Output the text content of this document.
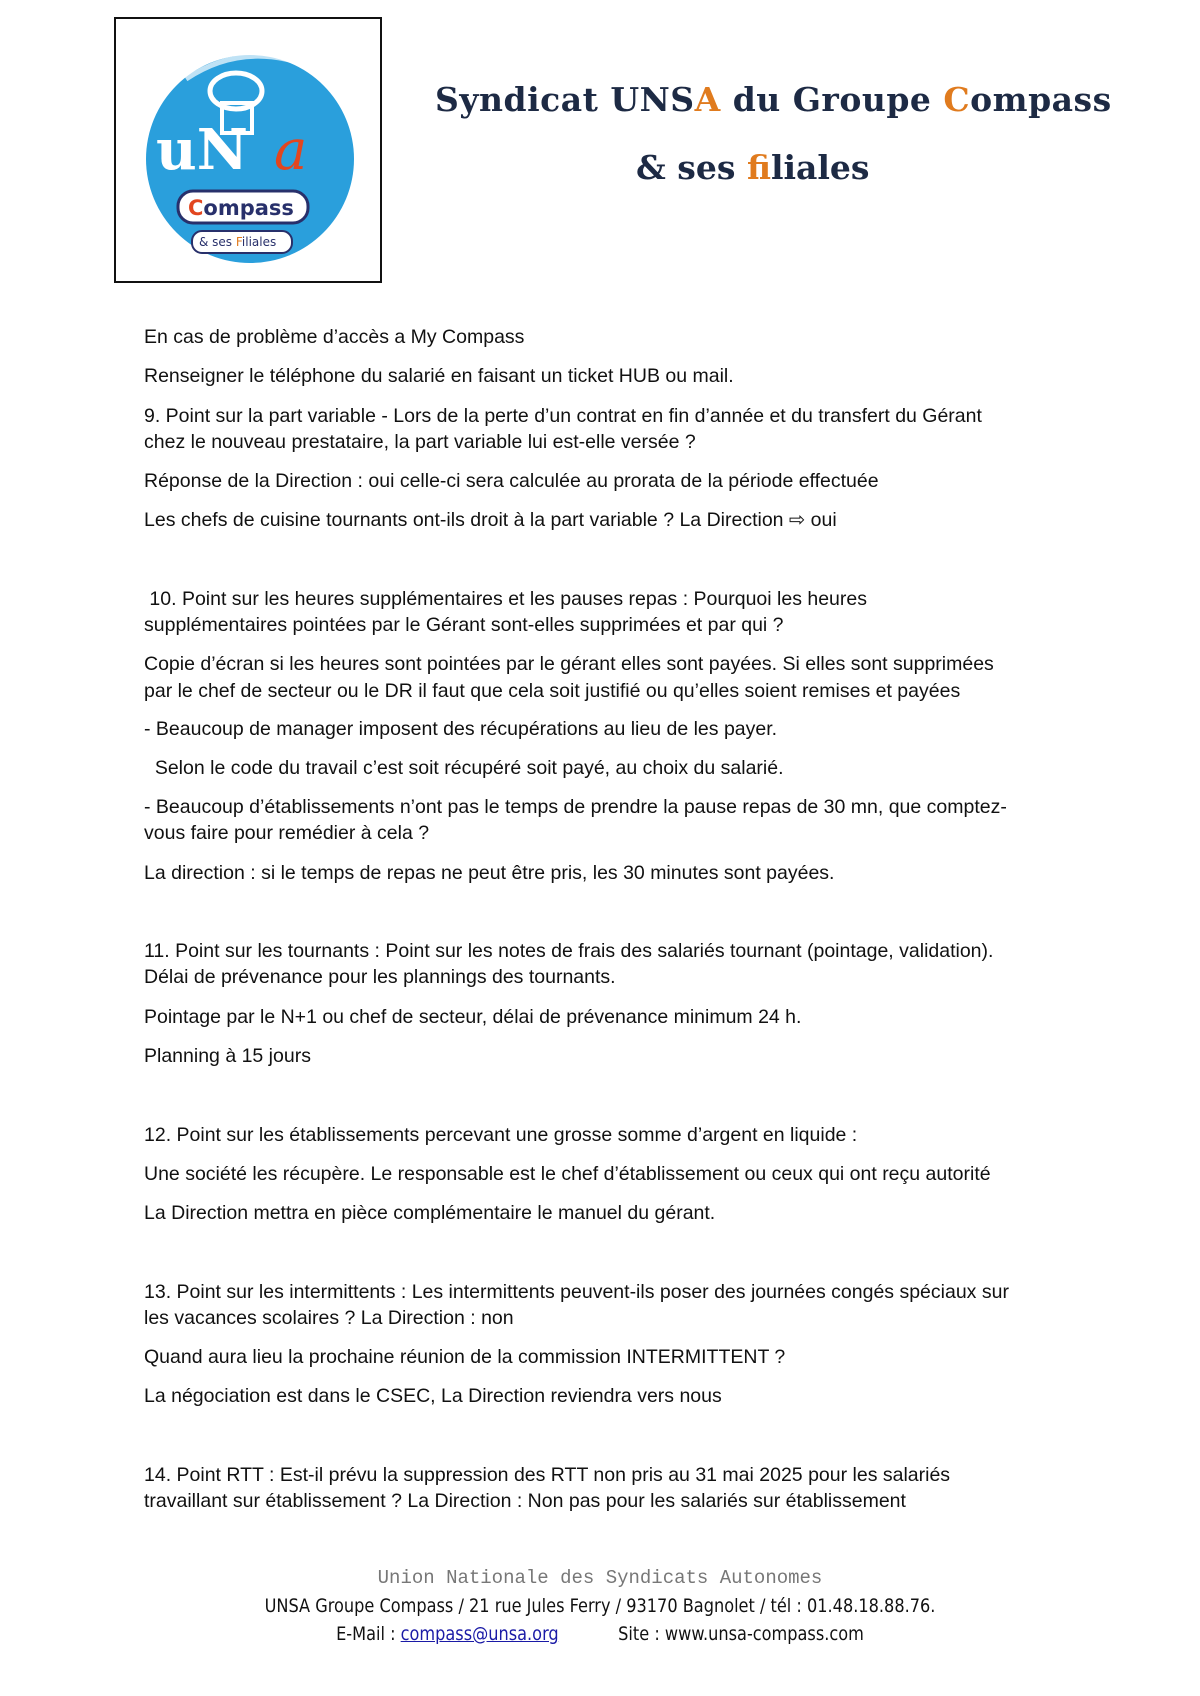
uN a
Compass
& ses Filiales
Syndicat UNSA du Groupe Compass
& ses filiales
En cas de problème d’accès a My Compass
Renseigner le téléphone du salarié en faisant un ticket HUB ou mail.
9. Point sur la part variable - Lors de la perte d’un contrat en fin d’année et du transfert du Gérant
chez le nouveau prestataire, la part variable lui est-elle versée ?
Réponse de la Direction : oui celle-ci sera calculée au prorata de la période effectuée
Les chefs de cuisine tournants ont-ils droit à la part variable ? La Direction ⇨ oui
10. Point sur les heures supplémentaires et les pauses repas : Pourquoi les heures
supplémentaires pointées par le Gérant sont-elles supprimées et par qui ?
Copie d’écran si les heures sont pointées par le gérant elles sont payées. Si elles sont supprimées
par le chef de secteur ou le DR il faut que cela soit justifié ou qu’elles soient remises et payées
- Beaucoup de manager imposent des récupérations au lieu de les payer.
Selon le code du travail c’est soit récupéré soit payé, au choix du salarié.
- Beaucoup d’établissements n’ont pas le temps de prendre la pause repas de 30 mn, que comptez-
vous faire pour remédier à cela ?
La direction : si le temps de repas ne peut être pris, les 30 minutes sont payées.
11. Point sur les tournants : Point sur les notes de frais des salariés tournant (pointage, validation).
Délai de prévenance pour les plannings des tournants.
Pointage par le N+1 ou chef de secteur, délai de prévenance minimum 24 h.
Planning à 15 jours
12. Point sur les établissements percevant une grosse somme d’argent en liquide :
Une société les récupère. Le responsable est le chef d’établissement ou ceux qui ont reçu autorité
La Direction mettra en pièce complémentaire le manuel du gérant.
13. Point sur les intermittents : Les intermittents peuvent-ils poser des journées congés spéciaux sur
les vacances scolaires ? La Direction : non
Quand aura lieu la prochaine réunion de la commission INTERMITTENT ?
La négociation est dans le CSEC, La Direction reviendra vers nous
14. Point RTT : Est-il prévu la suppression des RTT non pris au 31 mai 2025 pour les salariés
travaillant sur établissement ? La Direction : Non pas pour les salariés sur établissement
Union Nationale des Syndicats Autonomes
UNSA Groupe Compass / 21 rue Jules Ferry / 93170 Bagnolet / tél : 01.48.18.88.76.
E-Mail : compass@unsa.org	Site : www.unsa-compass.com
